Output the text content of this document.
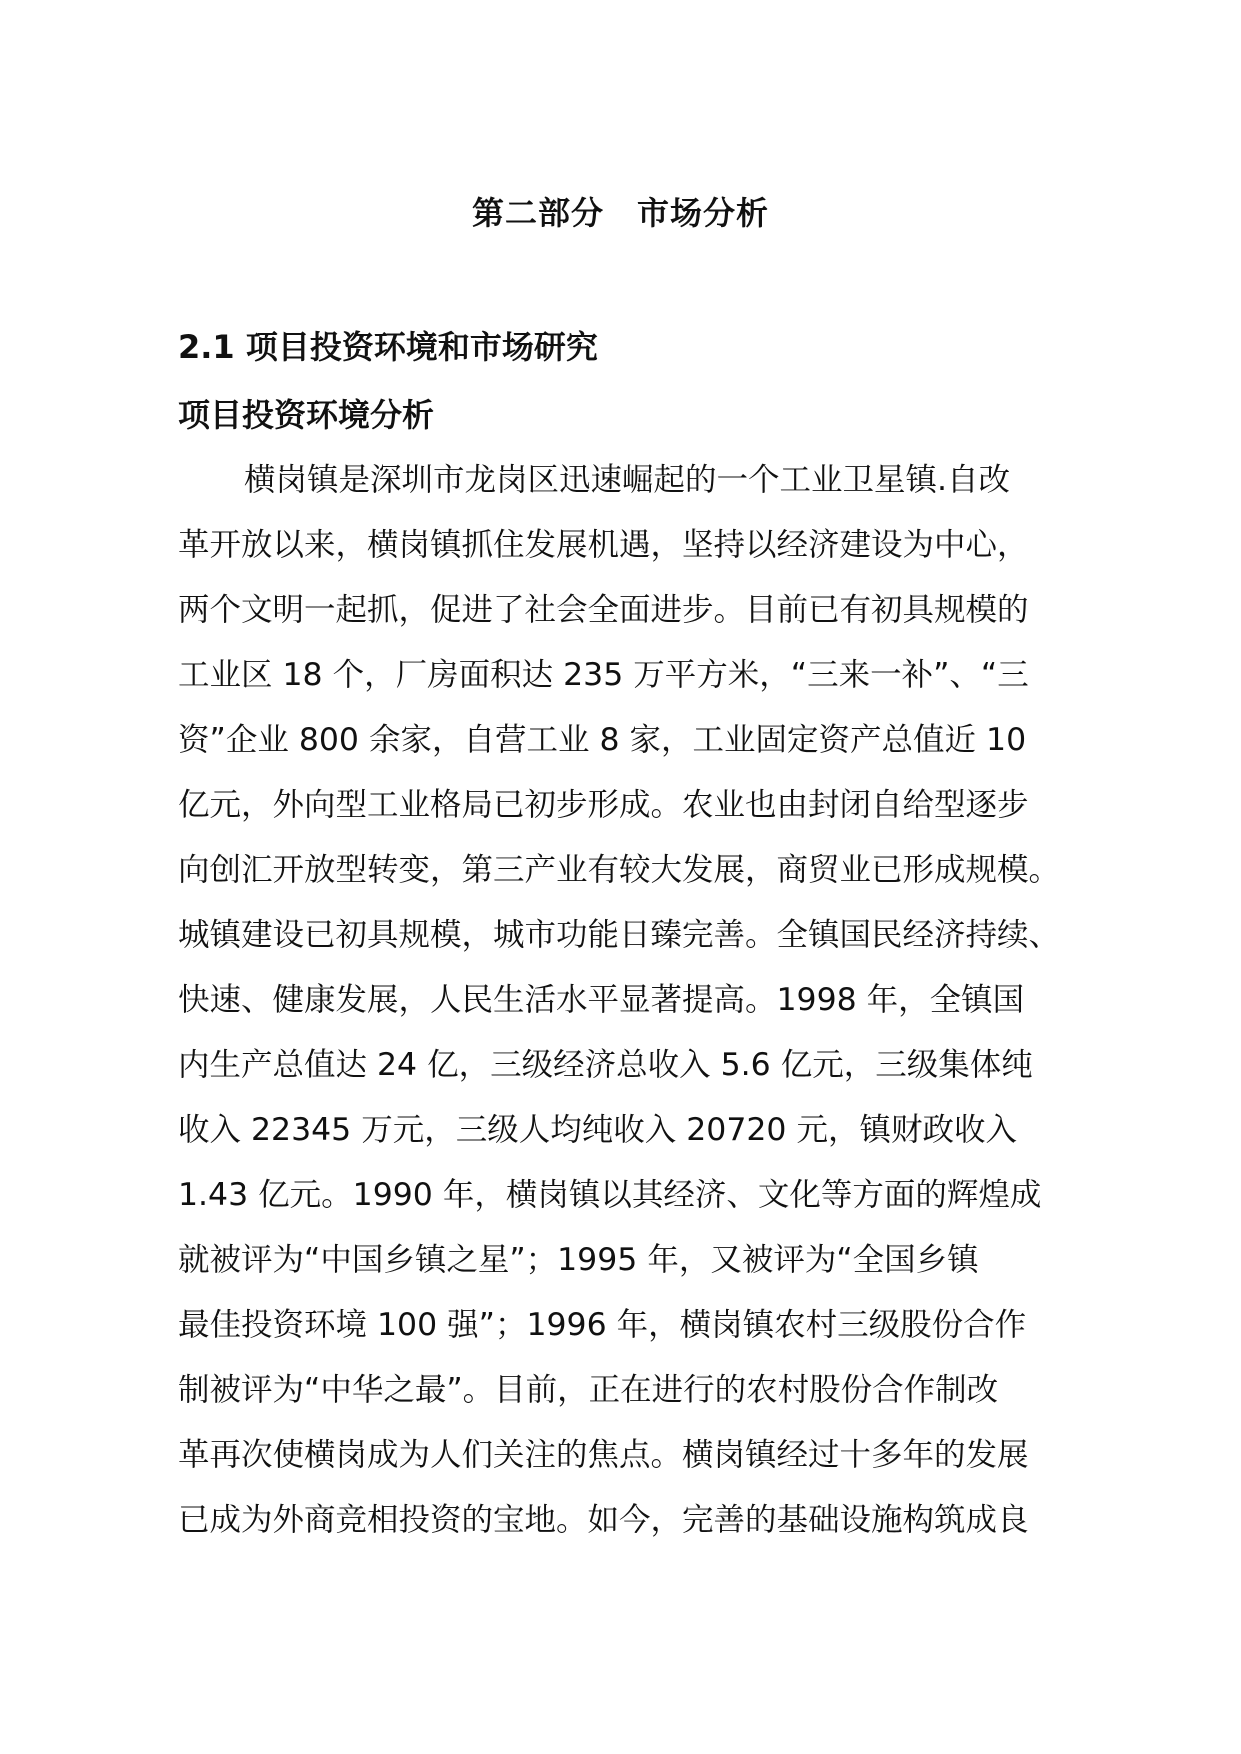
第二部分　市场分析
2.1 项目投资环境和市场研究
项目投资环境分析
横岗镇是深圳市龙岗区迅速崛起的一个工业卫星镇.自改
革开放以来，横岗镇抓住发展机遇，坚持以经济建设为中心，
两个文明一起抓，促进了社会全面进步。目前已有初具规模的
工业区 18 个，厂房面积达 235 万平方米，“三来一补”、“三
资”企业 800 余家，自营工业 8 家，工业固定资产总值近 10
亿元，外向型工业格局已初步形成。农业也由封闭自给型逐步
向创汇开放型转变，第三产业有较大发展，商贸业已形成规模。
城镇建设已初具规模，城市功能日臻完善。全镇国民经济持续、
快速、健康发展，人民生活水平显著提高。1998 年，全镇国
内生产总值达 24 亿，三级经济总收入 5.6 亿元，三级集体纯
收入 22345 万元，三级人均纯收入 20720 元，镇财政收入
1.43 亿元。1990 年，横岗镇以其经济、文化等方面的辉煌成
就被评为“中国乡镇之星”；1995 年，又被评为“全国乡镇
最佳投资环境 100 强”；1996 年，横岗镇农村三级股份合作
制被评为“中华之最”。目前，正在进行的农村股份合作制改
革再次使横岗成为人们关注的焦点。横岗镇经过十多年的发展
已成为外商竞相投资的宝地。如今，完善的基础设施构筑成良
